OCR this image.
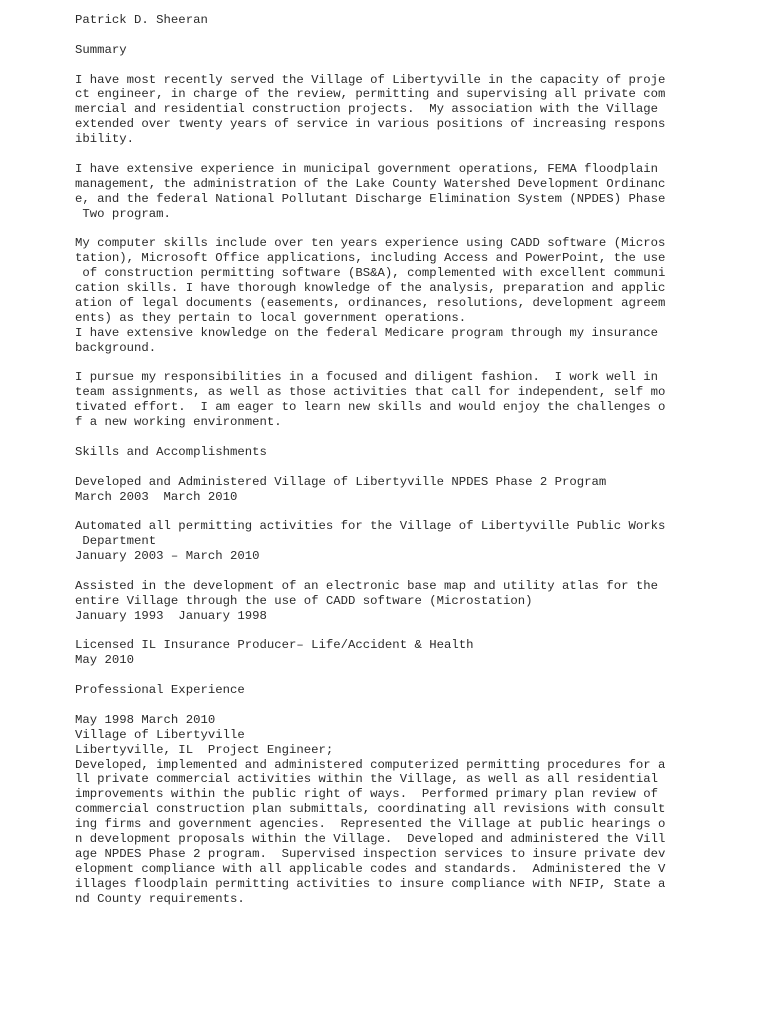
Patrick D. Sheeran
Summary
I have most recently served the Village of Libertyville in the capacity of proje
ct engineer, in charge of the review, permitting and supervising all private com
mercial and residential construction projects.  My association with the Village
extended over twenty years of service in various positions of increasing respons
ibility.
I have extensive experience in municipal government operations, FEMA floodplain
management, the administration of the Lake County Watershed Development Ordinanc
e, and the federal National Pollutant Discharge Elimination System (NPDES) Phase
Two program.
My computer skills include over ten years experience using CADD software (Micros
tation), Microsoft Office applications, including Access and PowerPoint, the use
of construction permitting software (BS&A), complemented with excellent communi
cation skills. I have thorough knowledge of the analysis, preparation and applic
ation of legal documents (easements, ordinances, resolutions, development agreem
ents) as they pertain to local government operations.
I have extensive knowledge on the federal Medicare program through my insurance
background.
I pursue my responsibilities in a focused and diligent fashion.  I work well in
team assignments, as well as those activities that call for independent, self mo
tivated effort.  I am eager to learn new skills and would enjoy the challenges o
f a new working environment.
Skills and Accomplishments
Developed and Administered Village of Libertyville NPDES Phase 2 Program
March 2003  March 2010
Automated all permitting activities for the Village of Libertyville Public Works
Department
January 2003 – March 2010
Assisted in the development of an electronic base map and utility atlas for the
entire Village through the use of CADD software (Microstation)
January 1993  January 1998
Licensed IL Insurance Producer– Life/Accident & Health
May 2010
Professional Experience
May 1998 March 2010
Village of Libertyville
Libertyville, IL  Project Engineer;
Developed, implemented and administered computerized permitting procedures for a
ll private commercial activities within the Village, as well as all residential
improvements within the public right of ways.  Performed primary plan review of
commercial construction plan submittals, coordinating all revisions with consult
ing firms and government agencies.  Represented the Village at public hearings o
n development proposals within the Village.  Developed and administered the Vill
age NPDES Phase 2 program.  Supervised inspection services to insure private dev
elopment compliance with all applicable codes and standards.  Administered the V
illages floodplain permitting activities to insure compliance with NFIP, State a
nd County requirements.
